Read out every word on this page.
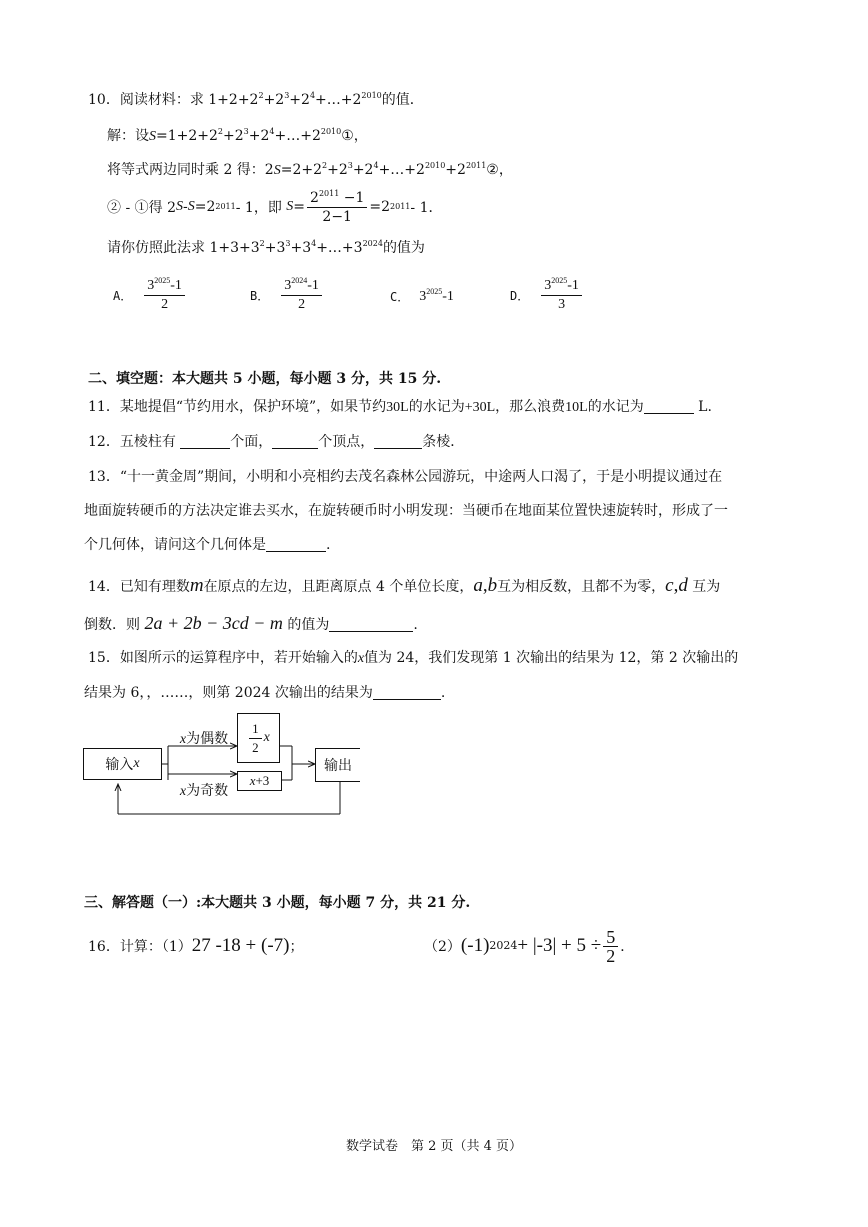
10．阅读材料：求 $1+2+2^2+2^3+2^4+\dots+2^{2010}$的值．
解：设$S=1+2+2^2+2^3+2^4+\dots+2^{2010}①$，
将等式两边同时乘 2 得：$2S=2+2^2+2^3+2^4+\dots+2^{2010}+2^{2011}②$，
② - ①得 2 S - S =2 2011 - 1，即
$S = \frac{2^{2011} -1}{2-1} =2$ 2011 - 1．
请你仿照此法求 $1+3+3^2+3^3+3^4+\dots+3^{2024}$的值为
A． $\frac{3^{2025}-1}{2}$	B． $\frac{3^{2024}-1}{2}$	C． $3^{2025}-1$	D． $\frac{3^{2025}-1}{3}$
二、填空题：本大题共 5 小题，每小题 3 分，共 15 分.
11．某地提倡“节约用水，保护环境”，如果节约30L的水记为+30L，那么浪费10L的水记为	L.
12．五棱柱有	个面，	个顶点，	条棱．
13．“十一黄金周”期间，小明和小亮相约去茂名森林公园游玩，中途两人口渴了，于是小明提议通过在
地面旋转硬币的方法决定谁去买水，在旋转硬币时小明发现：当硬币在地面某位置快速旋转时，形成了一
个几何体，请问这个几何体是	.
14．已知有理数m在原点的左边，且距离原点 4 个单位长度，a,b互为相反数，且都不为零，c,d 互为
倒数．则 2a + 2b − 3cd − m 的值为	.
15．如图所示的运算程序中，若开始输入的x值为 24，我们发现第 1 次输出的结果为 12，第 2 次输出的
结果为 6，，……，则第 2024 次输出的结果为	.
输入 x
x为偶数
x为奇数
$\frac{1}{2}$ x
x +3
输出
三、解答题（一）:本大题共 3 小题，每小题 7 分，共 21 分.
16．计算：（1） 27 -18 + (-7) ；	（2） (-1) $2024 + |-3| + 5 \div \frac{5}{2}$ ．
数学试卷　第 2 页（共 4 页）
